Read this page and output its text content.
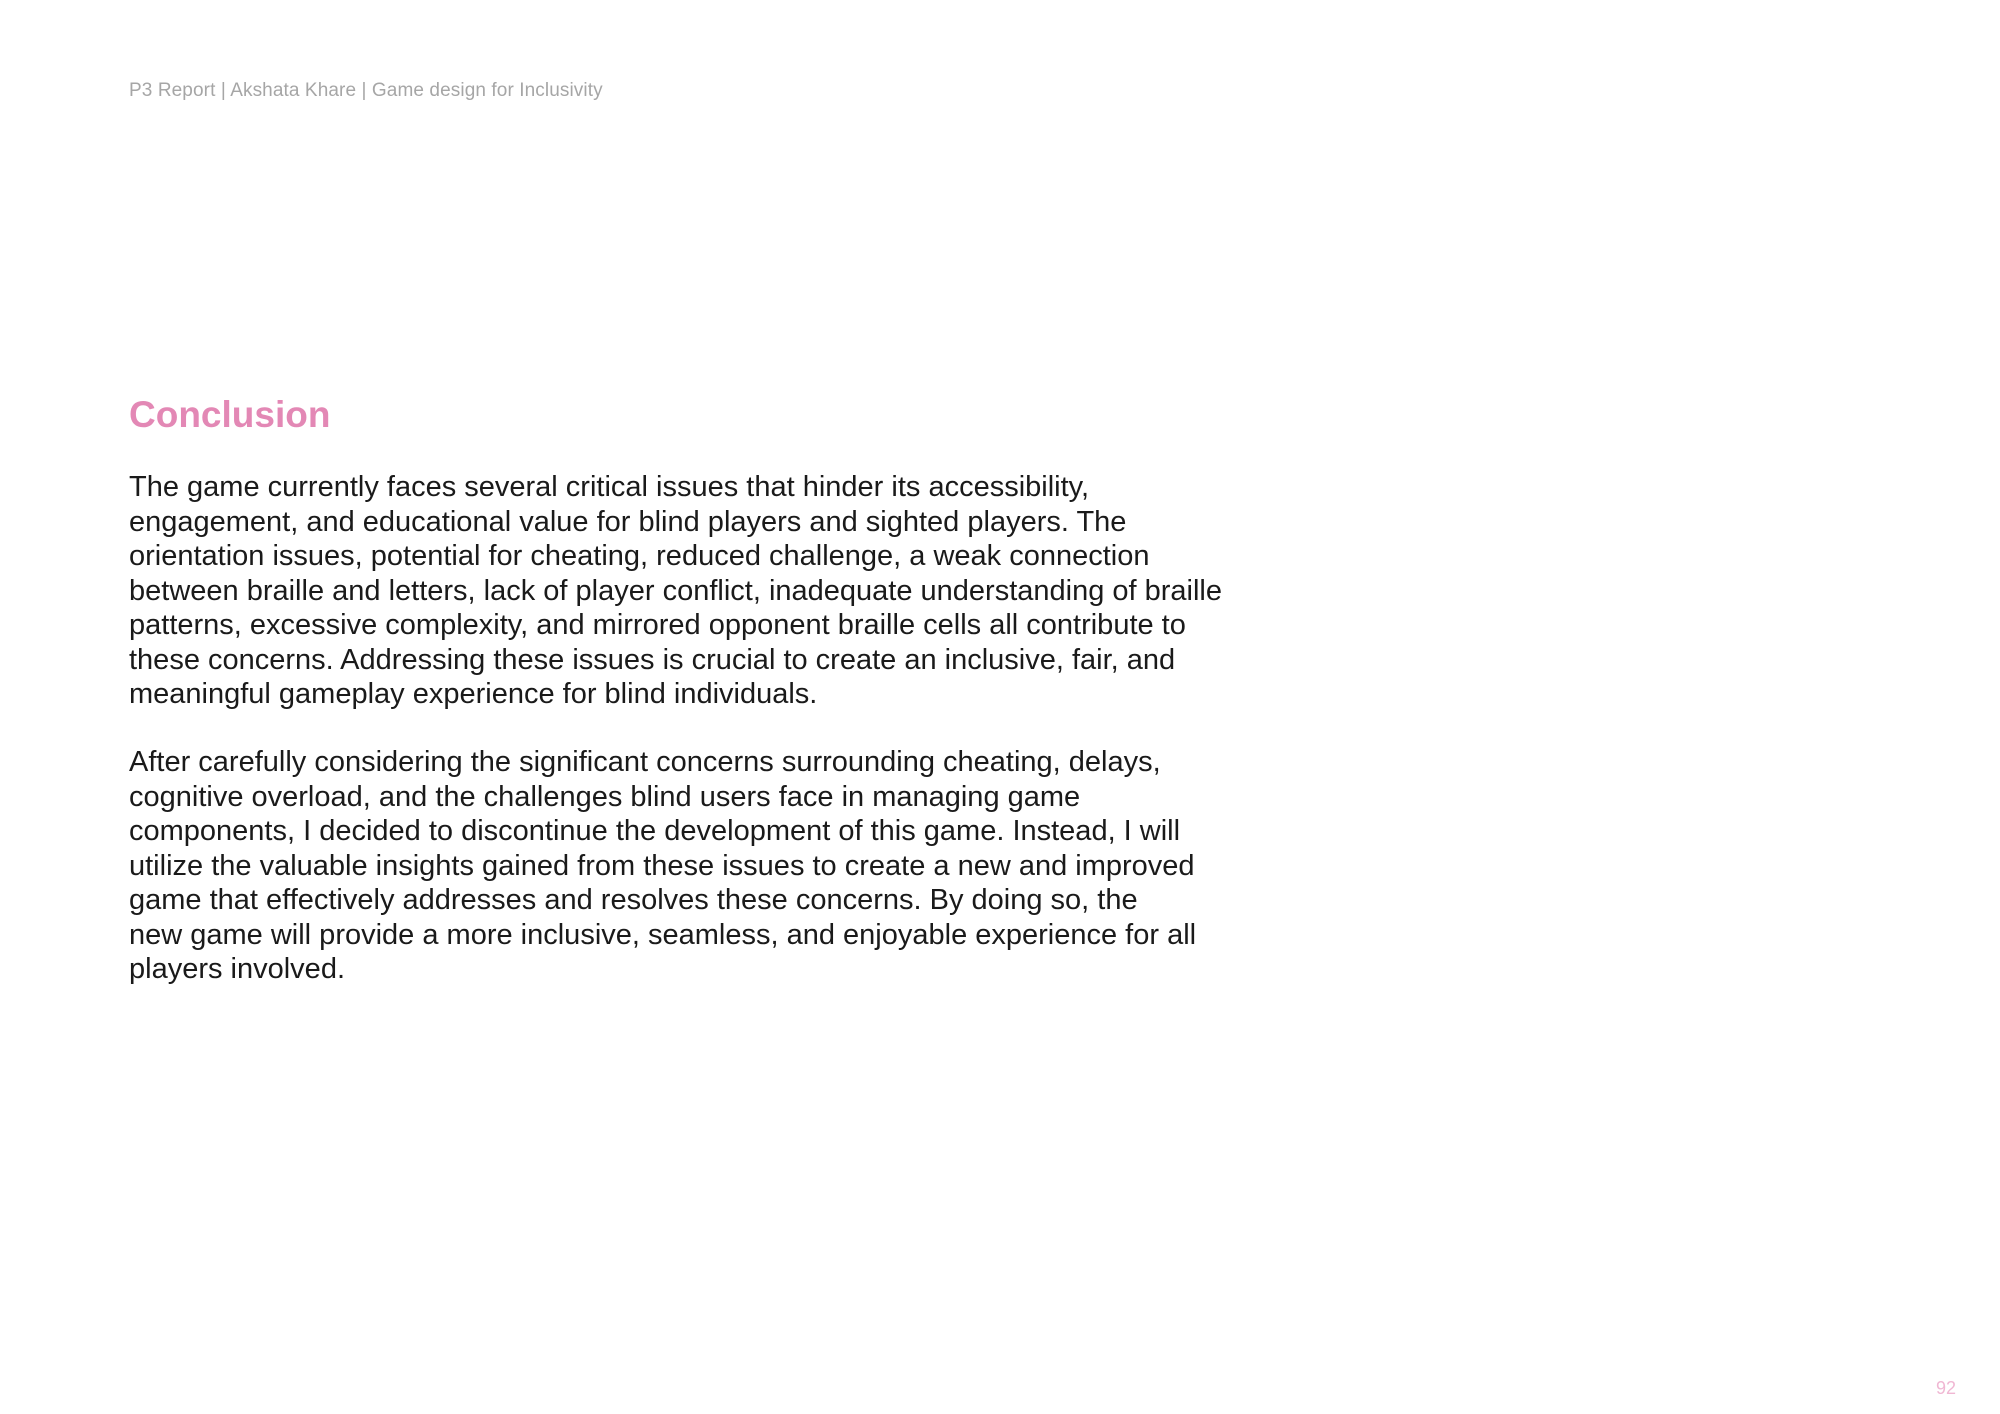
P3 Report | Akshata Khare | Game design for Inclusivity
Conclusion

The game currently faces several critical issues that hinder its accessibility,
engagement, and educational value for blind players and sighted players. The
orientation issues, potential for cheating, reduced challenge, a weak connection
between braille and letters, lack of player conflict, inadequate understanding of braille
patterns, excessive complexity, and mirrored opponent braille cells all contribute to
these concerns. Addressing these issues is crucial to create an inclusive, fair, and
meaningful gameplay experience for blind individuals.

After carefully considering the significant concerns surrounding cheating, delays,
cognitive overload, and the challenges blind users face in managing game
components, I decided to discontinue the development of this game. Instead, I will
utilize the valuable insights gained from these issues to create a new and improved
game that effectively addresses and resolves these concerns. By doing so, the
new game will provide a more inclusive, seamless, and enjoyable experience for all
players involved.

92
